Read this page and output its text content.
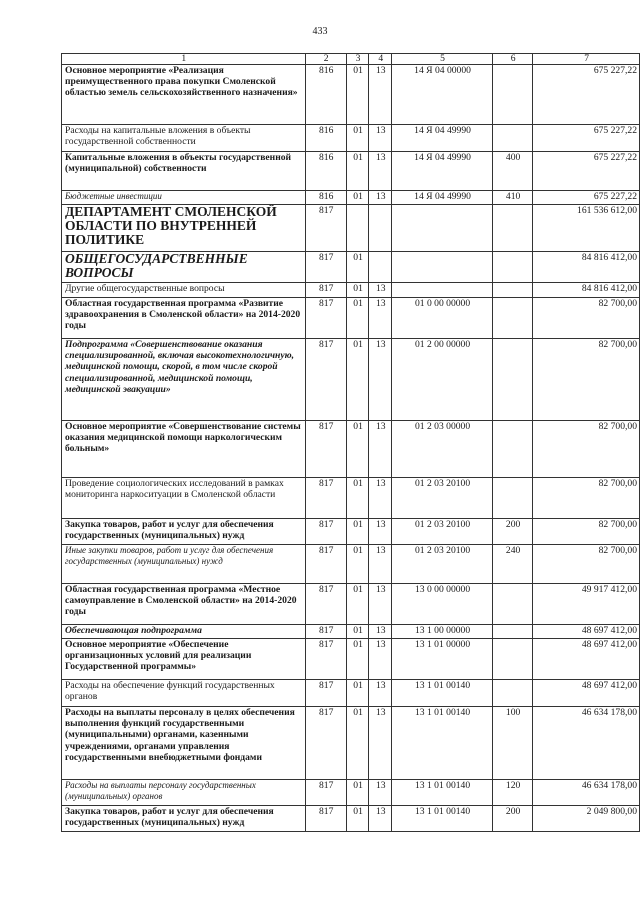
433
1	2	3	4	5	6	7
Основное мероприятие «Реализация преимущественного права покупки Смоленской областью земель сельскохозяйственного назначения»	816	01	13	14 Я 04 00000		675 227,22
Расходы на капитальные вложения в объекты государственной собственности	816	01	13	14 Я 04 49990		675 227,22
Капитальные вложения в объекты государственной (муниципальной) собственности	816	01	13	14 Я 04 49990	400	675 227,22
Бюджетные инвестиции	816	01	13	14 Я 04 49990	410	675 227,22
ДЕПАРТАМЕНТ СМОЛЕНСКОЙ ОБЛАСТИ ПО ВНУТРЕННЕЙ ПОЛИТИКЕ	817					161 536 612,00
ОБЩЕГОСУДАРСТВЕННЫЕ ВОПРОСЫ	817	01				84 816 412,00
Другие общегосударственные вопросы	817	01	13			84 816 412,00
Областная государственная программа «Развитие здравоохранения в Смоленской области» на 2014-2020 годы	817	01	13	01 0 00 00000		82 700,00
Подпрограмма «Совершенствование оказания специализированной, включая высокотехнологичную, медицинской помощи, скорой, в том числе скорой специализированной, медицинской помощи, медицинской эвакуации»	817	01	13	01 2 00 00000		82 700,00
Основное мероприятие «Совершенствование системы оказания медицинской помощи наркологическим больным»	817	01	13	01 2 03 00000		82 700,00
Проведение социологических исследований в рамках мониторинга наркоситуации в Смоленской области	817	01	13	01 2 03 20100		82 700,00
Закупка товаров, работ и услуг для обеспечения государственных (муниципальных) нужд	817	01	13	01 2 03 20100	200	82 700,00
Иные закупки товаров, работ и услуг для обеспечения государственных (муниципальных) нужд	817	01	13	01 2 03 20100	240	82 700,00
Областная государственная программа «Местное самоуправление в Смоленской области» на 2014-2020 годы	817	01	13	13 0 00 00000		49 917 412,00
Обеспечивающая подпрограмма	817	01	13	13 1 00 00000		48 697 412,00
Основное мероприятие «Обеспечение организационных условий для реализации Государственной программы»	817	01	13	13 1 01 00000		48 697 412,00
Расходы на обеспечение функций государственных органов	817	01	13	13 1 01 00140		48 697 412,00
Расходы на выплаты персоналу в целях обеспечения выполнения функций государственными (муниципальными) органами, казенными учреждениями, органами управления государственными внебюджетными фондами	817	01	13	13 1 01 00140	100	46 634 178,00
Расходы на выплаты персоналу государственных (муниципальных) органов	817	01	13	13 1 01 00140	120	46 634 178,00
Закупка товаров, работ и услуг для обеспечения государственных (муниципальных) нужд	817	01	13	13 1 01 00140	200	2 049 800,00
